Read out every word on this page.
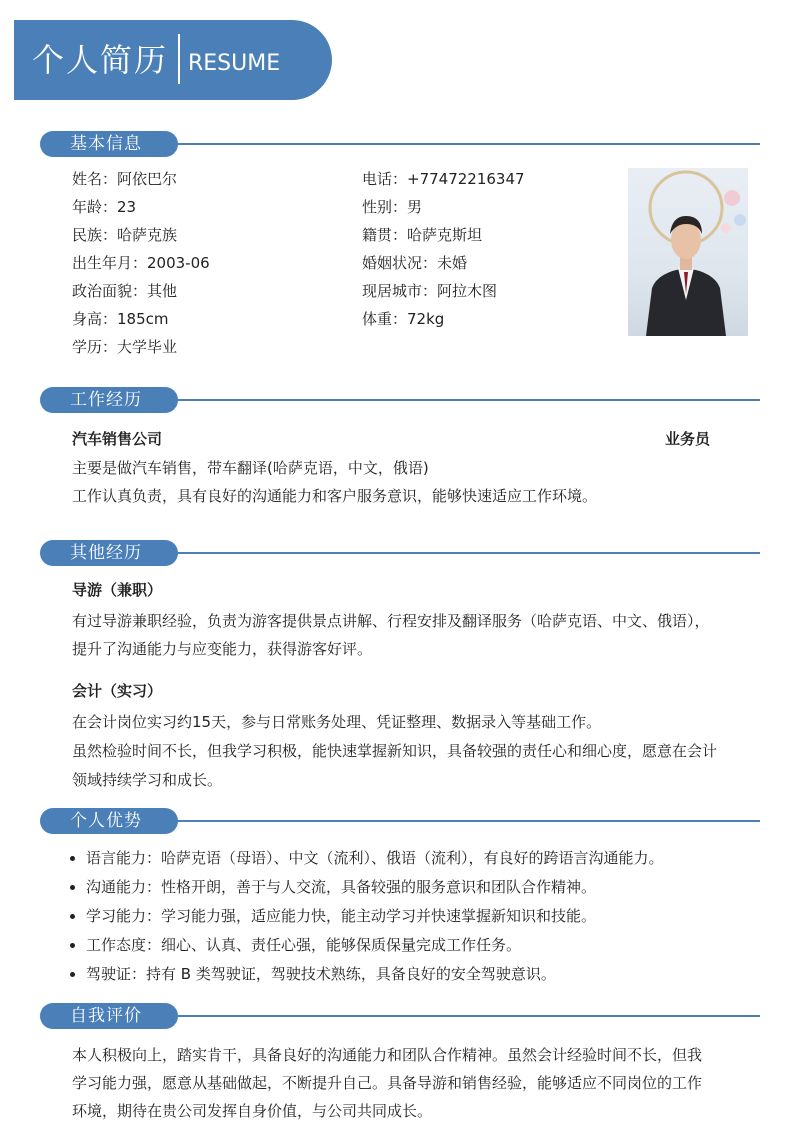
个人简历 RESUME
基本信息
姓名：阿依巴尔
年龄：23
民族：哈萨克族
出生年月：2003-06
政治面貌：其他
身高：185cm
学历：大学毕业
电话：+77472216347
性别：男
籍贯：哈萨克斯坦
婚姻状况：未婚
现居城市：阿拉木图
体重：72kg
工作经历
汽车销售公司	业务员
主要是做汽车销售，带车翻译(哈萨克语，中文，俄语)
工作认真负责，具有良好的沟通能力和客户服务意识，能够快速适应工作环境。
其他经历
导游（兼职）
有过导游兼职经验，负责为游客提供景点讲解、行程安排及翻译服务（哈萨克语、中文、俄语），
提升了沟通能力与应变能力，获得游客好评。
会计（实习）
在会计岗位实习约15天，参与日常账务处理、凭证整理、数据录入等基础工作。
虽然检验时间不长，但我学习积极，能快速掌握新知识，具备较强的责任心和细心度，愿意在会计
领域持续学习和成长。
个人优势
语言能力：哈萨克语（母语）、中文（流利）、俄语（流利），有良好的跨语言沟通能力。
沟通能力：性格开朗，善于与人交流，具备较强的服务意识和团队合作精神。
学习能力：学习能力强，适应能力快，能主动学习并快速掌握新知识和技能。
工作态度：细心、认真、责任心强，能够保质保量完成工作任务。
驾驶证：持有 B 类驾驶证，驾驶技术熟练，具备良好的安全驾驶意识。
自我评价
本人积极向上，踏实肯干，具备良好的沟通能力和团队合作精神。虽然会计经验时间不长，但我
学习能力强，愿意从基础做起，不断提升自己。具备导游和销售经验，能够适应不同岗位的工作
环境，期待在贵公司发挥自身价值，与公司共同成长。
